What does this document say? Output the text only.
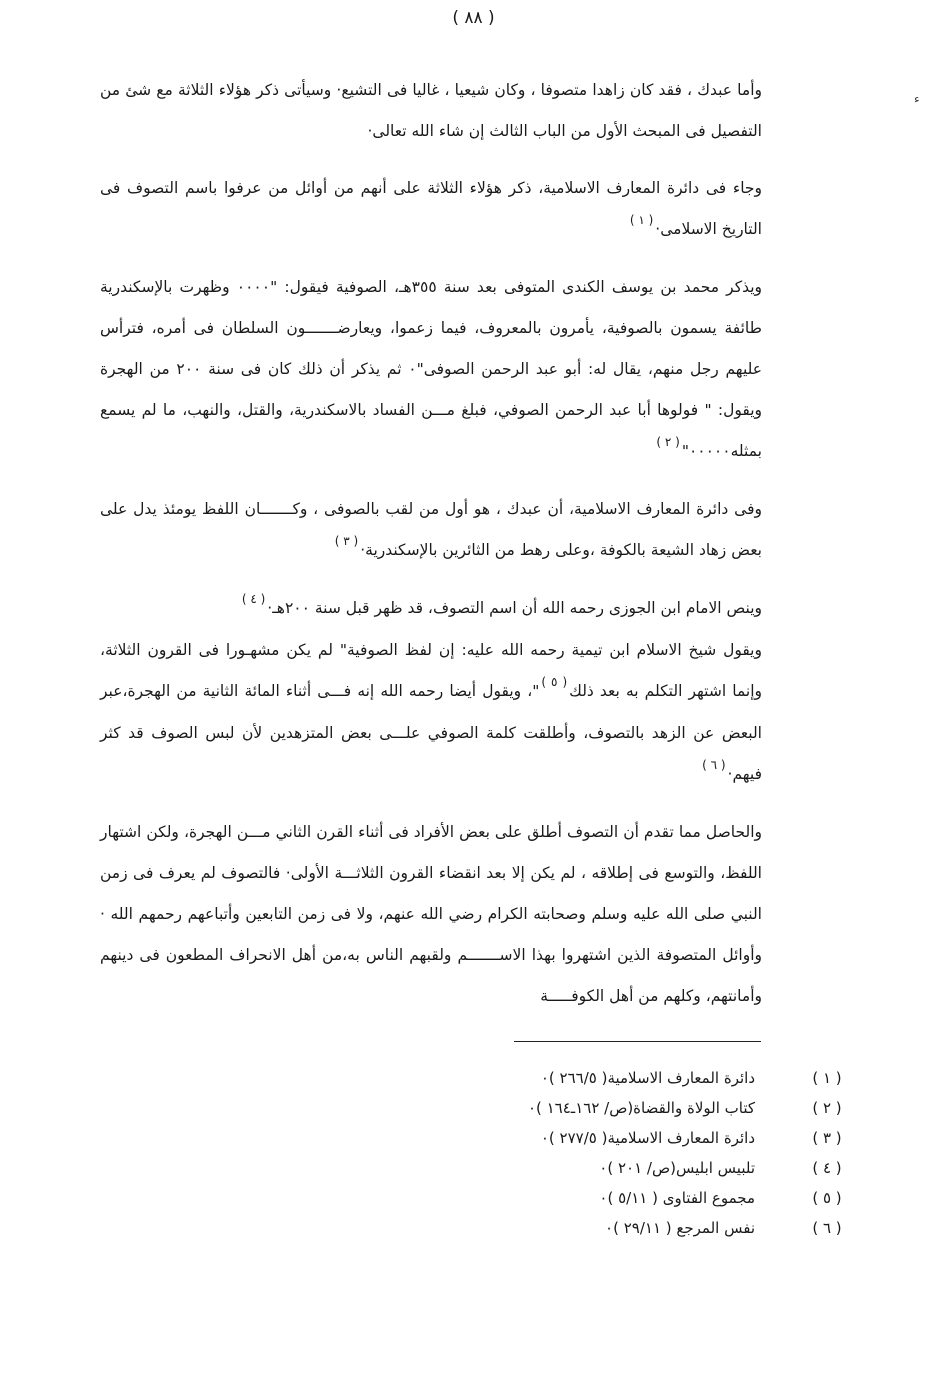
( ٨٨ )
ﺀ

وأما عبدك ، فقد كان زاهدا متصوفا ، وكان شيعيا ، غاليا فى التشيع· وسيأتى ذكر هؤلاء الثلاثة مع شئ من التفصيل فى المبحث الأول من الباب الثالث إن شاء الله تعالى·

وجاء فى دائرة المعارف الاسلامية، ذكر هؤلاء الثلاثة على أنهم من أوائل من عرفوا باسم التصوف فى التاريخ الاسلامى·$^{( ١ )}$

ويذكر محمد بن يوسف الكندى المتوفى بعد سنة ٣٥٥هـ، الصوفية فيقول: "٠٠٠٠ وظهرت بالإسكندرية طائفة يسمون بالصوفية، يأمرون بالمعروف، فيما زعموا، ويعارضـــــــون السلطان فى أمره، فترأس عليهم رجل منهم، يقال له: أبو عبد الرحمن الصوفى"٠ ثم يذكر أن ذلك كان فى سنة ٢٠٠ من الهجرة ويقول: " فولوها أبا عبد الرحمن الصوفي، فبلغ مـــن الفساد بالاسكندرية، والقتل، والنهب، ما لم يسمع بمثله٠٠٠٠٠"$^{( ٢ )}$

وفى دائرة المعارف الاسلامية، أن عبدك ، هو أول من لقب بالصوفى ، وكـــــــان اللفظ يومئذ يدل على بعض زهاد الشيعة بالكوفة ،وعلى رهط من الثائرين بالإسكندرية·$^{( ٣ )}$

وينص الامام ابن الجوزى رحمه الله أن اسم التصوف، قد ظهر قبل سنة ٢٠٠هـ·$^{( ٤ )}$

ويقول شيخ الاسلام ابن تيمية رحمه الله عليه: إن لفظ الصوفية" لم يكن مشهـورا فى القرون الثلاثة، وإنما اشتهر التكلم به بعد ذلك$^{( ٥ )}$"، ويقول أيضا رحمه الله إنه فـــى أثناء المائة الثانية من الهجرة،عبر البعض عن الزهد بالتصوف، وأطلقت كلمة الصوفي علـــى بعض المتزهدين لأن لبس الصوف قد كثر فيهم·$^{( ٦ )}$

والحاصل مما تقدم أن التصوف أطلق على بعض الأفراد فى أثناء القرن الثاني مـــن الهجرة، ولكن اشتهار اللفظ، والتوسع فى إطلاقه ، لم يكن إلا بعد انقضاء القرون الثلاثـــة الأولى· فالتصوف لم يعرف فى زمن النبي صلى الله عليه وسلم وصحابته الكرام رضي الله عنهم، ولا فى زمن التابعين وأتباعهم رحمهم الله · وأوائل المتصوفة الذين اشتهروا بهذا الاســـــــم ولقبهم الناس به،من أهل الانحراف المطعون فى دينهم وأمانتهم، وكلهم من أهل الكوفـــــة

( ١ )
دائرة المعارف الاسلامية( ٢٦٦/٥ )٠
( ٢ )
كتاب الولاة والقضاة(ص/ ١٦٢ـ١٦٤ )٠
( ٣ )
دائرة المعارف الاسلامية( ٢٧٧/٥ )٠
( ٤ )
تلبيس ابليس(ص/ ٢٠١ )٠
( ٥ )
مجموع الفتاوى ( ٥/١١ )٠
( ٦ )
نفس المرجع ( ٢٩/١١ )٠
